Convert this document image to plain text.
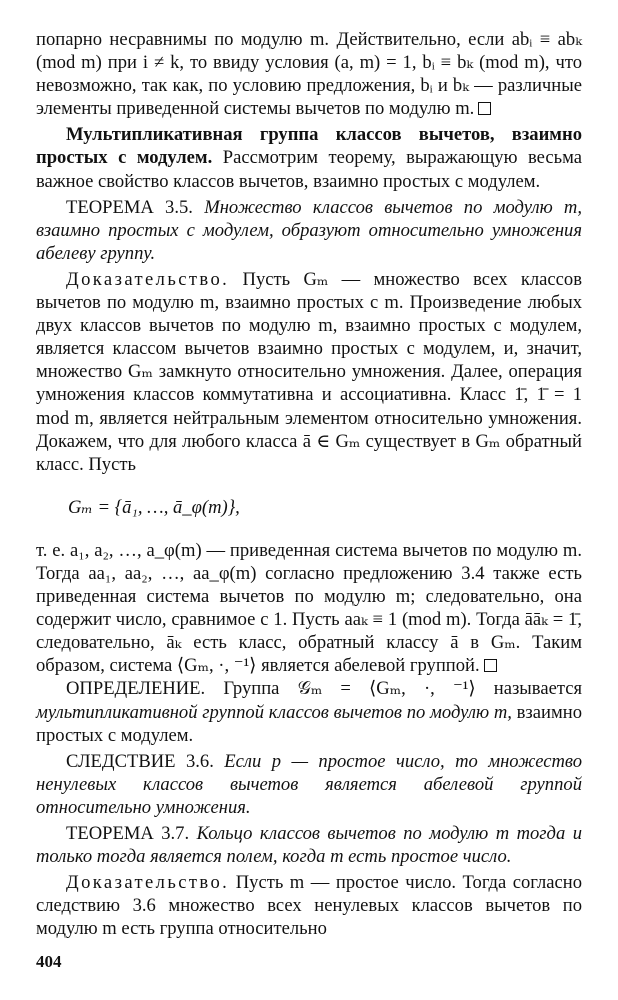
попарно несравнимы по модулю m. Действительно, если abᵢ ≡ abₖ (mod m) при i ≠ k, то ввиду условия (a, m) = 1, bᵢ ≡ bₖ (mod m), что невозможно, так как, по условию предложения, bᵢ и bₖ — различные элементы приведенной системы вычетов по модулю m.

Мультипликативная группа классов вычетов, взаимно простых с модулем. Рассмотрим теорему, выражающую весьма важное свойство классов вычетов, взаимно простых с модулем.

ТЕОРЕМА 3.5. Множество классов вычетов по модулю m, взаимно простых с модулем, образуют относительно умножения абелеву группу.

Доказательство. Пусть Gₘ — множество всех классов вычетов по модулю m, взаимно простых с m. Произведение любых двух классов вычетов по модулю m, взаимно простых с модулем, является классом вычетов взаимно простых с модулем, и, значит, множество Gₘ замкнуто относительно умножения. Далее, операция умножения классов коммутативна и ассоциативна. Класс 1̄, 1̄ = 1 mod m, является нейтральным элементом относительно умножения. Докажем, что для любого класса ā ∈ Gₘ существует в Gₘ обратный класс. Пусть

Gₘ = {ā₁, …, ā_φ(m)},

т. е. a₁, a₂, …, a_φ(m) — приведенная система вычетов по модулю m. Тогда aa₁, aa₂, …, aa_φ(m) согласно предложению 3.4 также есть приведенная система вычетов по модулю m; следовательно, она содержит число, сравнимое с 1. Пусть aaₖ ≡ 1 (mod m). Тогда āāₖ = 1̄, следовательно, āₖ есть класс, обратный классу ā в Gₘ. Таким образом, система ⟨Gₘ, ·, ⁻¹⟩ является абелевой группой.

ОПРЕДЕЛЕНИЕ. Группа 𝒢ₘ = ⟨Gₘ, ·, ⁻¹⟩ называется мультипликативной группой классов вычетов по модулю m, взаимно простых с модулем.

СЛЕДСТВИЕ 3.6. Если p — простое число, то множество ненулевых классов вычетов является абелевой группой относительно умножения.

ТЕОРЕМА 3.7. Кольцо классов вычетов по модулю m тогда и только тогда является полем, когда m есть простое число.

Доказательство. Пусть m — простое число. Тогда согласно следствию 3.6 множество всех ненулевых классов вычетов по модулю m есть группа относительно

404
